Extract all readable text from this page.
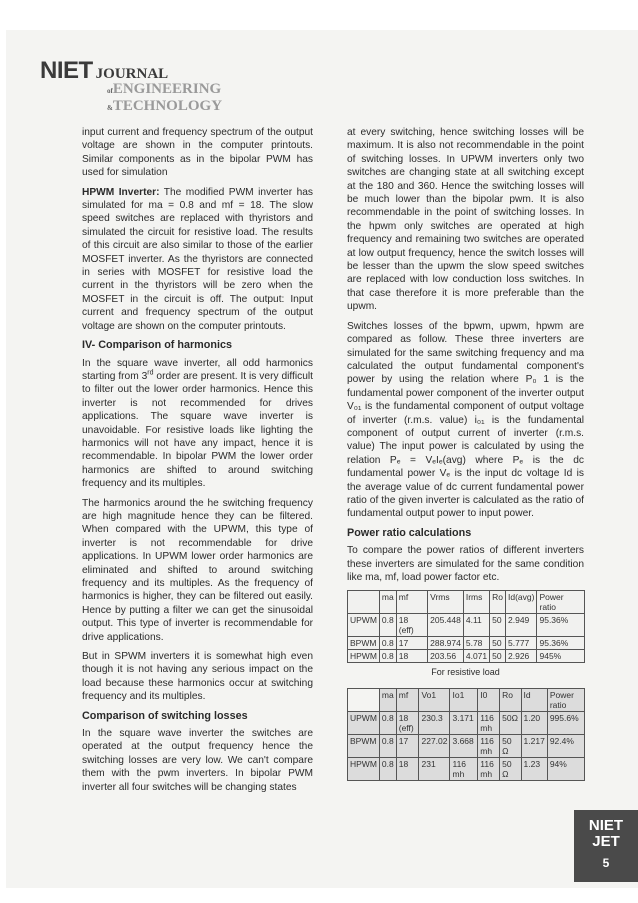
NIET JOURNAL
ofENGINEERING
&TECHNOLOGY

input current and frequency spectrum of the output voltage are shown in the computer printouts. Similar components as in the bipolar PWM has used for simulation

HPWM Inverter: The modified PWM inverter has simulated for ma = 0.8 and mf = 18. The slow speed switches are replaced with thyristors and simulated the circuit for resistive load. The results of this circuit are also similar to those of the earlier MOSFET inverter. As the thyristors are connected in series with MOSFET for resistive load the current in the thyristors will be zero when the MOSFET in the circuit is off. The output: Input current and frequency spectrum of the output voltage are shown on the computer printouts.

IV- Comparison of harmonics

In the square wave inverter, all odd harmonics starting from 3rd order are present. It is very difficult to filter out the lower order harmonics. Hence this inverter is not recommended for drives applications. The square wave inverter is unavoidable. For resistive loads like lighting the harmonics will not have any impact, hence it is recommendable. In bipolar PWM the lower order harmonics are shifted to around switching frequency and its multiples.

The harmonics around the he switching frequency are high magnitude hence they can be filtered. When compared with the UPWM, this type of inverter is not recommendable for drive applications. In UPWM lower order harmonics are eliminated and shifted to around switching frequency and its multiples. As the frequency of harmonics is higher, they can be filtered out easily. Hence by putting a filter we can get the sinusoidal output. This type of inverter is recommendable for drive applications.

But in SPWM inverters it is somewhat high even though it is not having any serious impact on the load because these harmonics occur at switching frequency and its multiples.

Comparison of switching losses

In the square wave inverter the switches are operated at the output frequency hence the switching losses are very low. We can't compare them with the pwm inverters. In bipolar PWM inverter all four switches will be changing states

at every switching, hence switching losses will be maximum. It is also not recommendable in the point of switching losses. In UPWM inverters only two switches are changing state at all switching except at the 180 and 360. Hence the switching losses will be much lower than the bipolar pwm. It is also recommendable in the point of switching losses. In the hpwm only switches are operated at high frequency and remaining two switches are operated at low output frequency, hence the switch losses will be lesser than the upwm the slow speed switches are replaced with low conduction loss switches. In that case therefore it is more preferable than the upwm.

Switches losses of the bpwm, upwm, hpwm are compared as follow. These three inverters are simulated for the same switching frequency and ma calculated the output fundamental component's power by using the relation where P₀ 1 is the fundamental power component of the inverter output V₀₁ is the fundamental component of output voltage of inverter (r.m.s. value) i₀₁ is the fundamental component of output current of inverter (r.m.s. value) The input power is calculated by using the relation Pₑ = VₑIₑ(avg) where Pₑ is the dc fundamental power Vₑ is the input dc voltage Id is the average value of dc current fundamental power ratio of the given inverter is calculated as the ratio of fundamental output power to input power.

Power ratio calculations

To compare the power ratios of different inverters these inverters are simulated for the same condition like ma, mf, load power factor etc.

	ma	mf	Vrms	Irms	Ro	Id(avg)	Power ratio
UPWM	0.8	18 (eff)	205.448	4.11	50	2.949	95.36%
BPWM	0.8	17	288.974	5.78	50	5.777	95.36%
HPWM	0.8	18	203.56	4.071	50	2.926	945%
For resistive load
	ma	mf	Vo1	Io1	I0	Ro	Id	Power ratio
UPWM	0.8	18 (eff)	230.3	3.171	116 mh	50Ω	1.20	995.6%
BPWM	0.8	17	227.02	3.668	116 mh	50 Ω	1.217	92.4%
HPWM	0.8	18	231	116 mh	116 mh	50 Ω	1.23	94%
NIET
JET
5
